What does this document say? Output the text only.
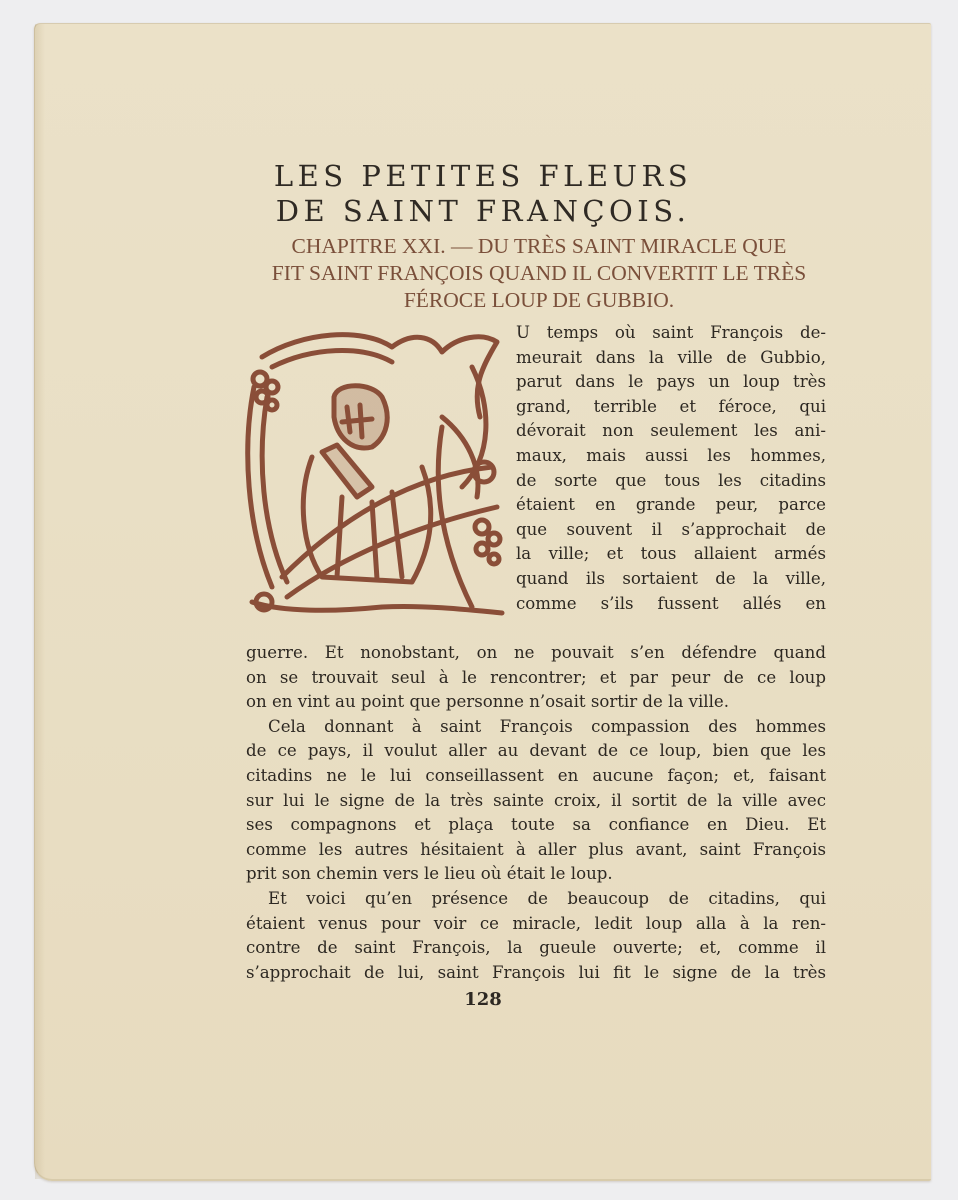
LES PETITES FLEURS
DE SAINT FRANÇOIS.
CHAPITRE XXI. — DU TRÈS SAINT MIRACLE QUE
FIT SAINT FRANÇOIS QUAND IL CONVERTIT LE TRÈS
FÉROCE LOUP DE GUBBIO.
U temps où saint François de-
meurait dans la ville de Gubbio,
parut dans le pays un loup très
grand, terrible et féroce, qui
dévorait non seulement les ani-
maux, mais aussi les hommes,
de sorte que tous les citadins
étaient en grande peur, parce
que souvent il s’approchait de
la ville; et tous allaient armés
quand ils sortaient de la ville,
comme s’ils fussent allés en
guerre. Et nonobstant, on ne pouvait s’en défendre quand
on se trouvait seul à le rencontrer; et par peur de ce loup
on en vint au point que personne n’osait sortir de la ville.
Cela donnant à saint François compassion des hommes
de ce pays, il voulut aller au devant de ce loup, bien que les
citadins ne le lui conseillassent en aucune façon; et, faisant
sur lui le signe de la très sainte croix, il sortit de la ville avec
ses compagnons et plaça toute sa confiance en Dieu. Et
comme les autres hésitaient à aller plus avant, saint François
prit son chemin vers le lieu où était le loup.
Et voici qu’en présence de beaucoup de citadins, qui
étaient venus pour voir ce miracle, ledit loup alla à la ren-
contre de saint François, la gueule ouverte; et, comme il
s’approchait de lui, saint François lui fit le signe de la très
128
